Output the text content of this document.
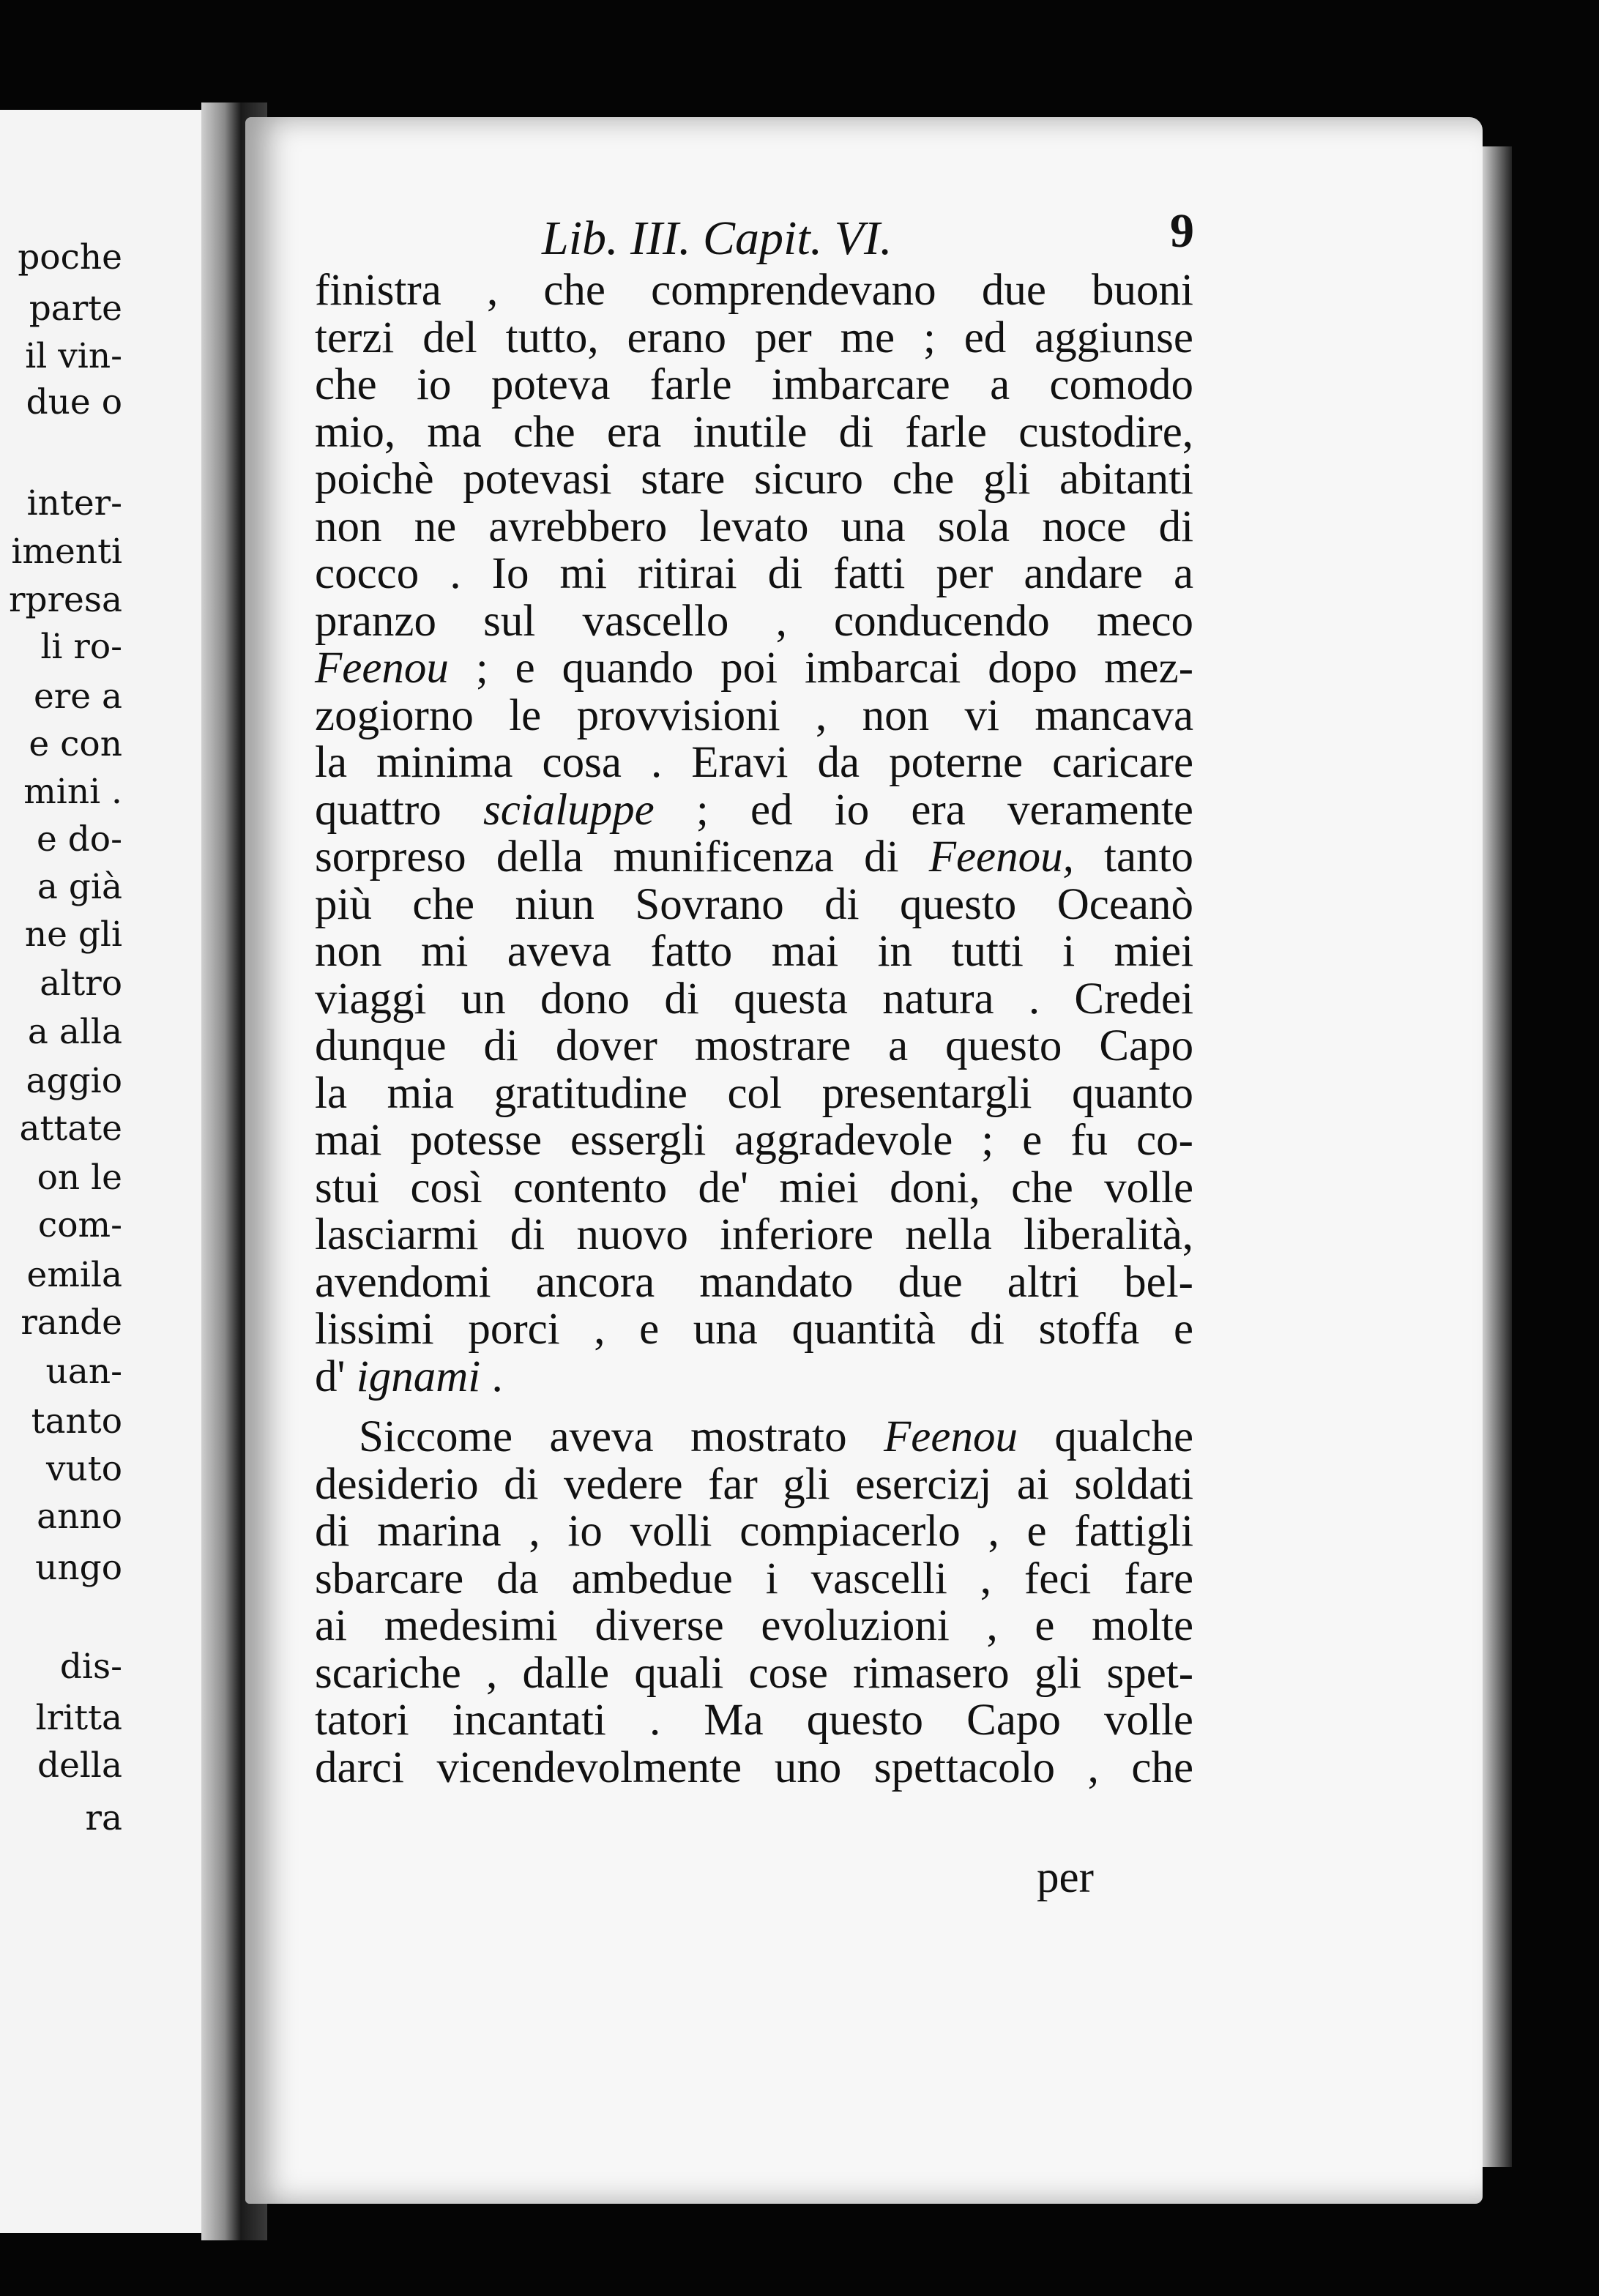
poche
parte
il vin-
due o
inter-
imenti
rpresa
li ro-
ere a
e con
mini .
e do-
a già
ne gli
altro
a alla
aggio
attate
on le
com-
emila
rande
uan-
tanto
vuto
anno
ungo
dis-
lritta
della
ra
Lib. III. Capit. VI.	9
finistra , che comprendevano due buoni
terzi del tutto, erano per me ; ed aggiunse
che io poteva farle imbarcare a comodo
mio, ma che era inutile di farle custodire,
poichè potevasi stare sicuro che gli abitanti
non ne avrebbero levato una sola noce di
cocco . Io mi ritirai di fatti per andare a
pranzo sul vascello , conducendo meco
Feenou ; e quando poi imbarcai dopo mez-
zogiorno le provvisioni , non vi mancava
la minima cosa . Eravi da poterne caricare
quattro scialuppe ; ed io era veramente
sorpreso della munificenza di Feenou, tanto
più che niun Sovrano di questo Oceanò
non mi aveva fatto mai in tutti i miei
viaggi un dono di questa natura . Credei
dunque di dover mostrare a questo Capo
la mia gratitudine col presentargli quanto
mai potesse essergli aggradevole ; e fu co-
stui così contento de' miei doni, che volle
lasciarmi di nuovo inferiore nella liberalità,
avendomi ancora mandato due altri bel-
lissimi porci , e una quantità di stoffa e
d' ignami .
Siccome aveva mostrato Feenou qualche
desiderio di vedere far gli esercizj ai soldati
di marina , io volli compiacerlo , e fattigli
sbarcare da ambedue i vascelli , feci fare
ai medesimi diverse evoluzioni , e molte
scariche , dalle quali cose rimasero gli spet-
tatori incantati . Ma questo Capo volle
darci vicendevolmente uno spettacolo , che
per
